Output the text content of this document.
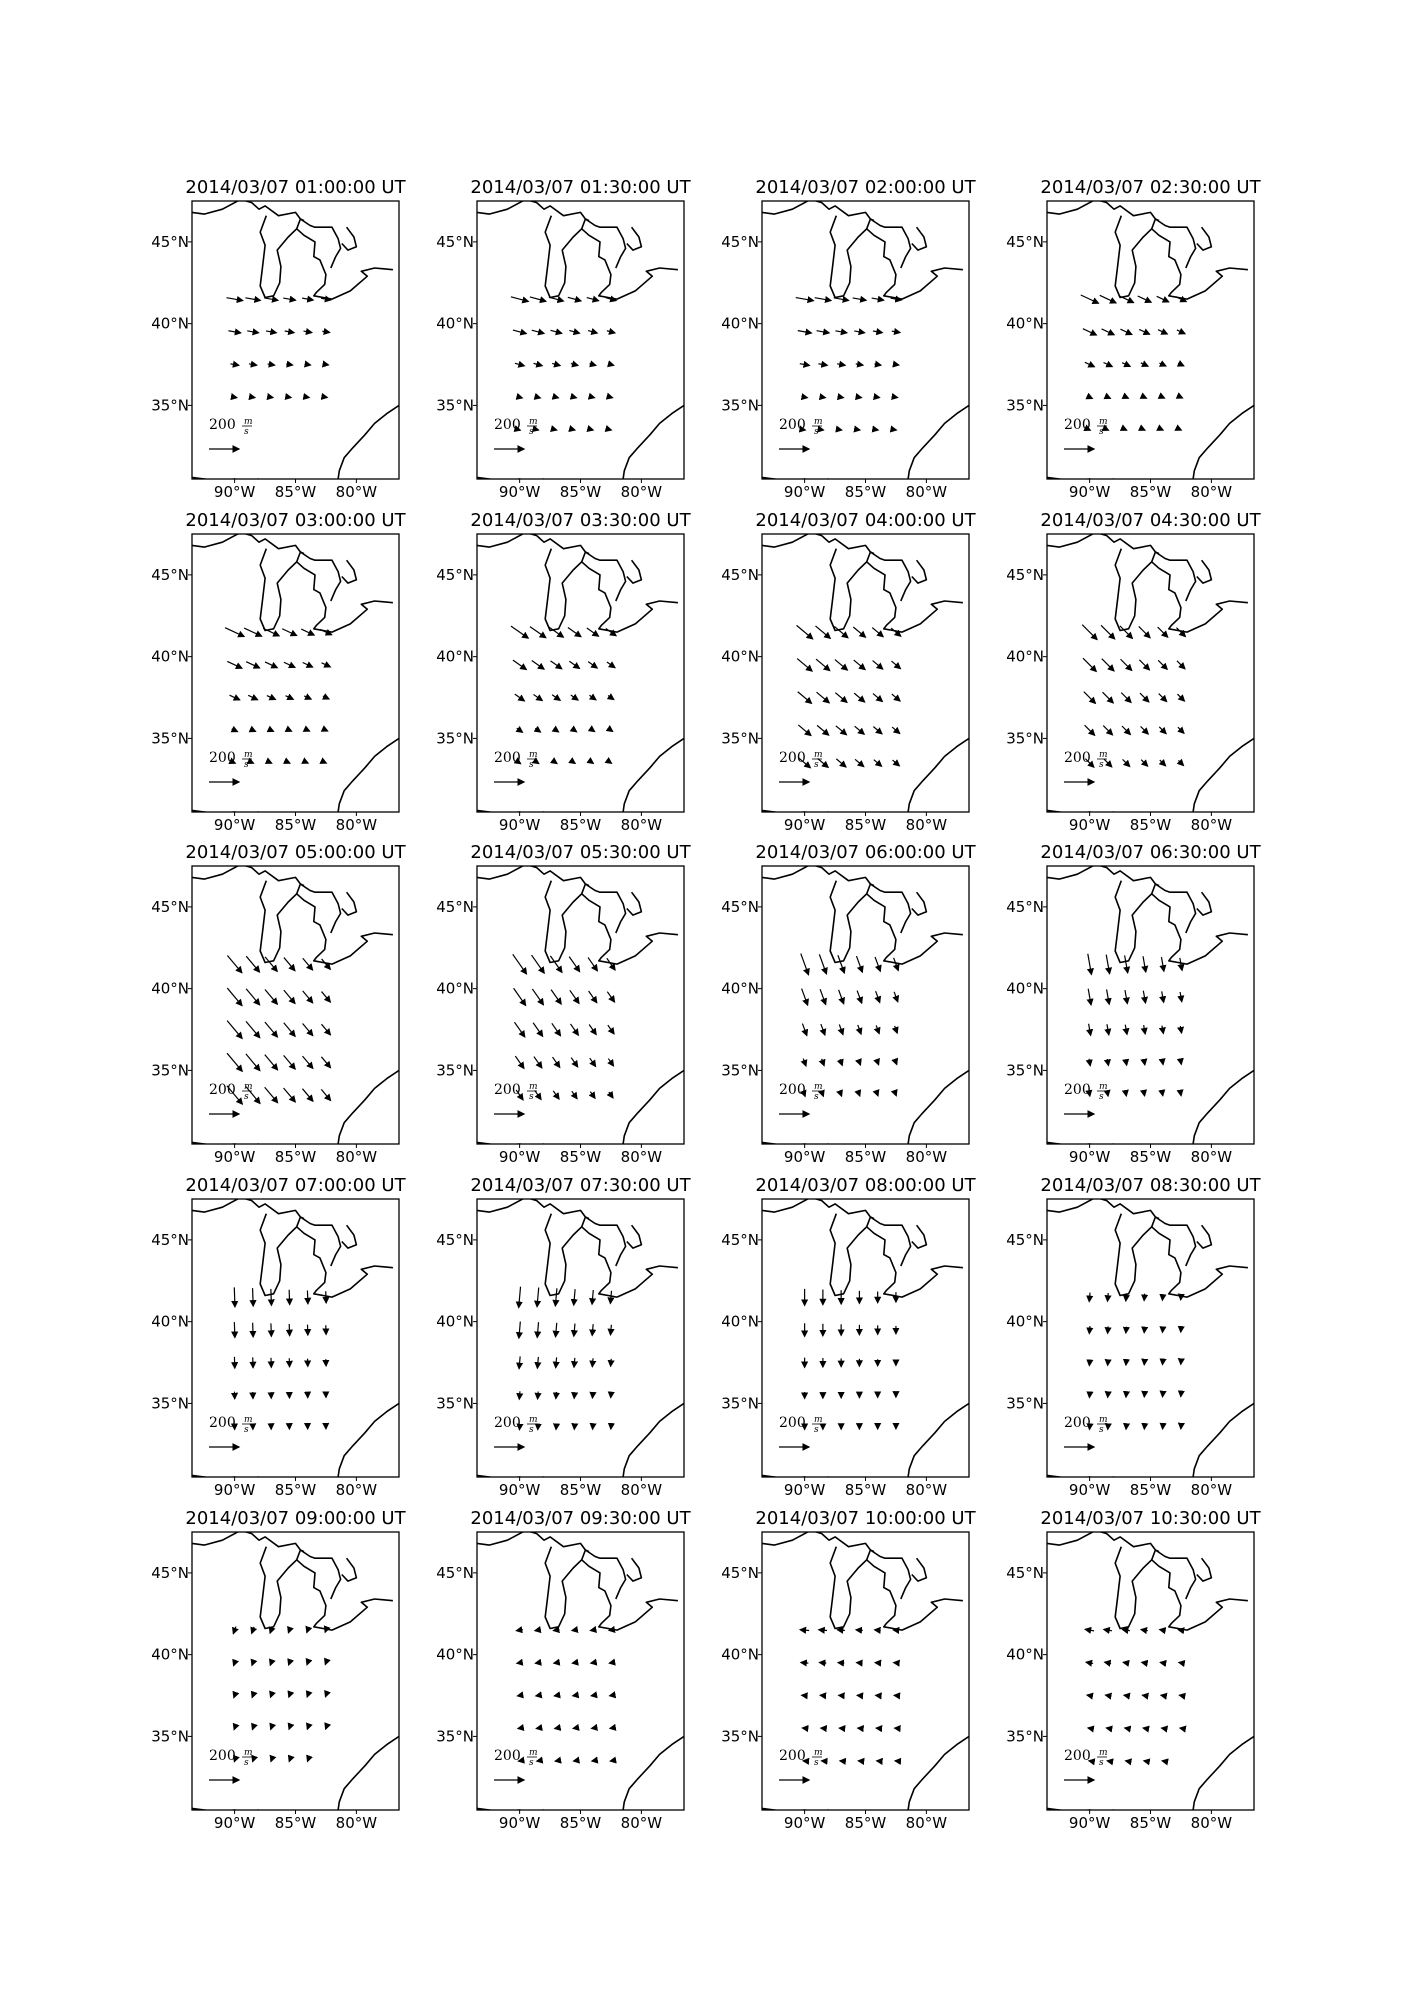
2014/03/07 01:00:00 UT
45°N
40°N
35°N
90°W 85°W 80°W
200 m
s
2014/03/07 01:30:00 UT
45°N
40°N
35°N
90°W 85°W 80°W
200 m
s
2014/03/07 02:00:00 UT
45°N
40°N
35°N
90°W 85°W 80°W
200 m
s
2014/03/07 02:30:00 UT
45°N
40°N
35°N
90°W 85°W 80°W
200 m
s
2014/03/07 03:00:00 UT
45°N
40°N
35°N
90°W 85°W 80°W
200 m
s
2014/03/07 03:30:00 UT
45°N
40°N
35°N
90°W 85°W 80°W
200 m
s
2014/03/07 04:00:00 UT
45°N
40°N
35°N
90°W 85°W 80°W
200 m
s
2014/03/07 04:30:00 UT
45°N
40°N
35°N
90°W 85°W 80°W
200 m
s
2014/03/07 05:00:00 UT
45°N
40°N
35°N
90°W 85°W 80°W
200 m
s
2014/03/07 05:30:00 UT
45°N
40°N
35°N
90°W 85°W 80°W
200 m
s
2014/03/07 06:00:00 UT
45°N
40°N
35°N
90°W 85°W 80°W
200 m
s
2014/03/07 06:30:00 UT
45°N
40°N
35°N
90°W 85°W 80°W
200 m
s
2014/03/07 07:00:00 UT
45°N
40°N
35°N
90°W 85°W 80°W
200 m
s
2014/03/07 07:30:00 UT
45°N
40°N
35°N
90°W 85°W 80°W
200 m
s
2014/03/07 08:00:00 UT
45°N
40°N
35°N
90°W 85°W 80°W
200 m
s
2014/03/07 08:30:00 UT
45°N
40°N
35°N
90°W 85°W 80°W
200 m
s
2014/03/07 09:00:00 UT
45°N
40°N
35°N
90°W 85°W 80°W
200 m
s
2014/03/07 09:30:00 UT
45°N
40°N
35°N
90°W 85°W 80°W
200 m
s
2014/03/07 10:00:00 UT
45°N
40°N
35°N
90°W 85°W 80°W
200 m
s
2014/03/07 10:30:00 UT
45°N
40°N
35°N
90°W 85°W 80°W
200 m
s
